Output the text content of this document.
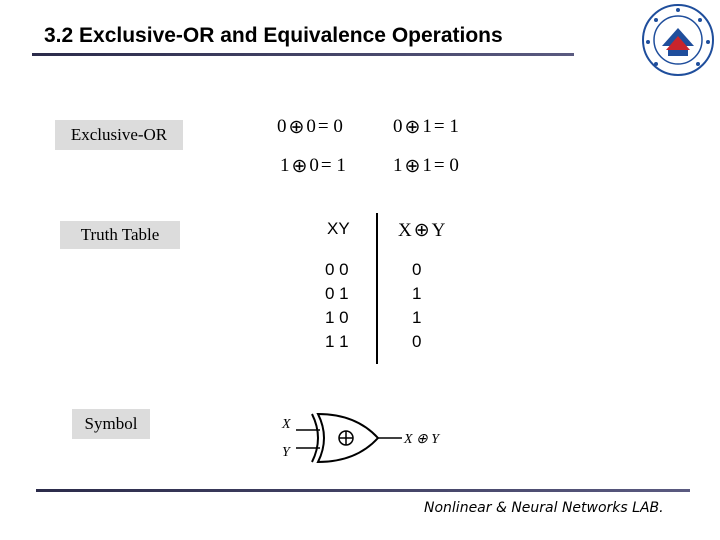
3.2 Exclusive-OR and Equivalence Operations
Exclusive-OR
Truth Table
Symbol
0 ⊕ 0 = 0	0 ⊕ 1 = 1
1 ⊕ 0 = 1 1 ⊕ 1 = 0
XY	X ⊕ Y
0 0
0 1
1 0
1 1
0
1
1
0
X
Y
X ⊕ Y
Nonlinear & Neural Networks LAB.
